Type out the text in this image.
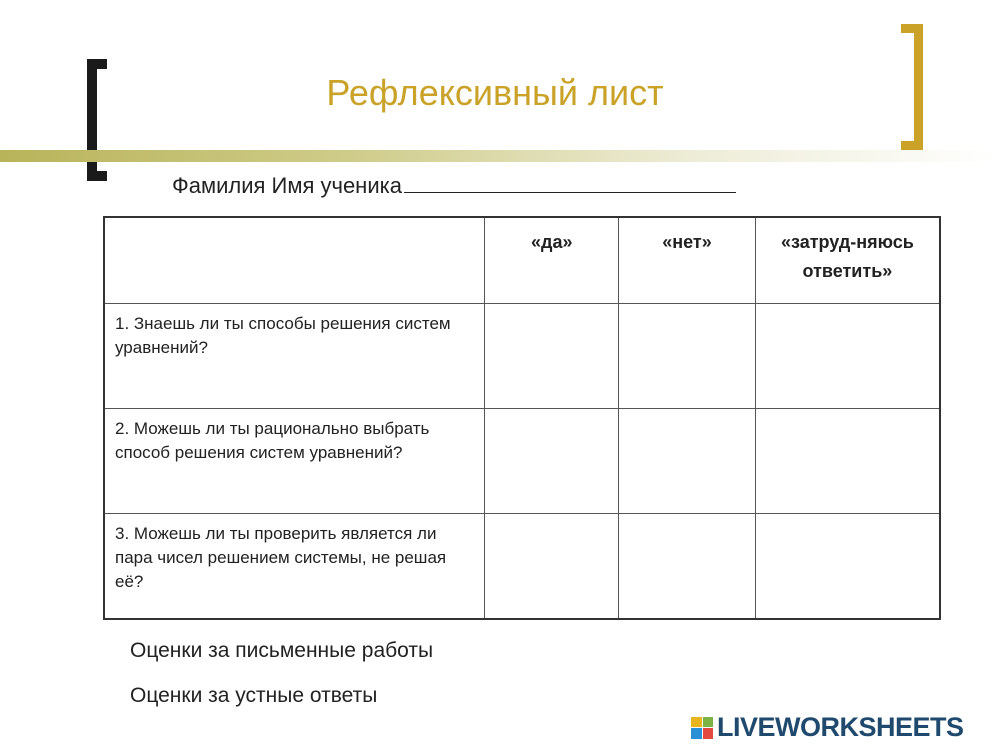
Рефлексивный лист
Фамилия Имя ученика
	«да»	«нет»	«затруд-няюсь ответить»
1. Знаешь ли ты способы решения систем уравнений?			
2. Можешь ли ты рационально выбрать способ решения систем уравнений?			
3. Можешь ли ты проверить является ли пара чисел решением системы, не решая её?			
Оценки за письменные работы
Оценки за устные ответы
LIVEWORKSHEETS
